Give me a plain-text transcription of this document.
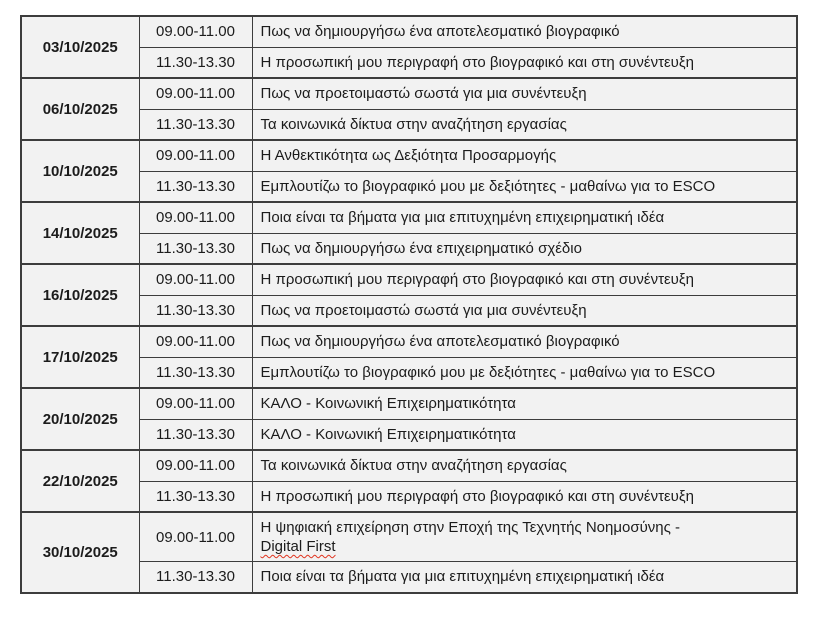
03/10/2025	09.00-11.00	Πως να δημιουργήσω ένα αποτελεσματικό βιογραφικό
	11.30-13.30	Η προσωπική μου περιγραφή στο βιογραφικό και στη συνέντευξη
06/10/2025	09.00-11.00	Πως να προετοιμαστώ σωστά για μια συνέντευξη
	11.30-13.30	Τα κοινωνικά δίκτυα στην αναζήτηση εργασίας
10/10/2025	09.00-11.00	Η Ανθεκτικότητα ως Δεξιότητα Προσαρμογής
	11.30-13.30	Εμπλουτίζω το βιογραφικό μου με δεξιότητες - μαθαίνω για το ESCO
14/10/2025	09.00-11.00	Ποια είναι τα βήματα για μια επιτυχημένη επιχειρηματική ιδέα
	11.30-13.30	Πως να δημιουργήσω ένα επιχειρηματικό σχέδιο
16/10/2025	09.00-11.00	Η προσωπική μου περιγραφή στο βιογραφικό και στη συνέντευξη
	11.30-13.30	Πως να προετοιμαστώ σωστά για μια συνέντευξη
17/10/2025	09.00-11.00	Πως να δημιουργήσω ένα αποτελεσματικό βιογραφικό
	11.30-13.30	Εμπλουτίζω το βιογραφικό μου με δεξιότητες - μαθαίνω για το ESCO
20/10/2025	09.00-11.00	ΚΑΛΟ - Κοινωνική Επιχειρηματικότητα
	11.30-13.30	ΚΑΛΟ - Κοινωνική Επιχειρηματικότητα
22/10/2025	09.00-11.00	Τα κοινωνικά δίκτυα στην αναζήτηση εργασίας
	11.30-13.30	Η προσωπική μου περιγραφή στο βιογραφικό και στη συνέντευξη
30/10/2025	09.00-11.00	Η ψηφιακή επιχείρηση στην Εποχή της Τεχνητής Νοημοσύνης -
Digital First

	11.30-13.30	Ποια είναι τα βήματα για μια επιτυχημένη επιχειρηματική ιδέα
